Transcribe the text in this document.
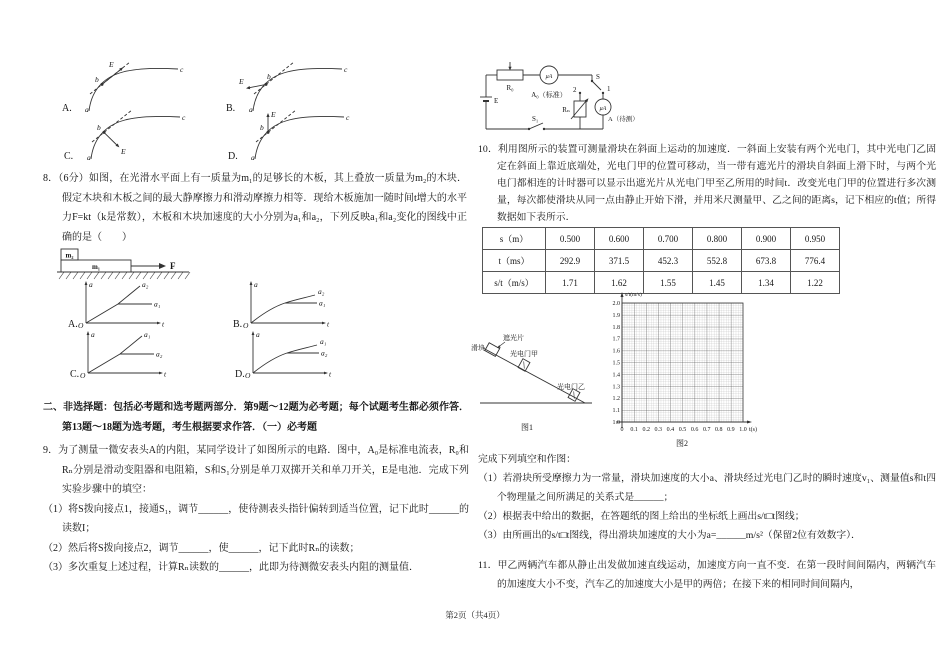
E
a
b
c
A.
E
a
b
c
B.
E
a
b
c
C.
E
a
b
c
D.

8．（6分）如图，在光滑水平面上有一质量为m₁的足够长的木板，其上叠放一质量为m₂的木块．假定木块和木板之间的最大静摩擦力和滑动摩擦力相等．现给木板施加一随时间t增大的水平力F=kt（k是常数），木板和木块加速度的大小分别为a₁和a₂，下列反映a₁和a₂变化的图线中正确的是（　　）

m₂
m₁	F
A.
a
t
O
a₂
a₁
B.
a
t
O
a₂
a₁
C.
a
t
O
a₁
a₂
D.
a
t
O
a₁
a₂

二、非选择题：包括必考题和选考题两部分．第9题～12题为必考题；每个试题考生都必须作答．第13题～18题为选考题，考生根据要求作答．（一）必考题

9．为了测量一微安表头A的内阻，某同学设计了如图所示的电路．图中，A₀是标准电流表，R₀和Rₙ分别是滑动变阻器和电阻箱，S和S₁分别是单刀双掷开关和单刀开关，E是电池．完成下列实验步骤中的填空：

（1）将S拨向接点1，接通S₁，调节______，使待测表头指针偏转到适当位置，记下此时______的读数I；

（2）然后将S拨向接点2，调节______，使______，记下此时Rₙ的读数；

（3）多次重复上述过程，计算Rₙ读数的______，此即为待测微安表头内阻的测量值．

R₀
μA
A₀（标准）
S
2	1
Rₙ	μA
A（待测）
E
S₁

10．利用图所示的装置可测量滑块在斜面上运动的加速度．一斜面上安装有两个光电门，其中光电门乙固定在斜面上靠近底端处，光电门甲的位置可移动，当一带有遮光片的滑块自斜面上滑下时，与两个光电门都相连的计时器可以显示出遮光片从光电门甲至乙所用的时间t．改变光电门甲的位置进行多次测量，每次都使滑块从同一点由静止开始下滑，并用米尺测量甲、乙之间的距离s，记下相应的t值；所得数据如下表所示．

s（m）	0.500	0.600	0.700	0.800	0.900	0.950
t（ms）	292.9	371.5	452.3	552.8	673.8	776.4
s/t（m/s）	1.71	1.62	1.55	1.45	1.34	1.22
遮光片
滑块
光电门甲
光电门乙
图1
s/t(m/s)
2.0
1.9
1.8
1.7
1.6
1.5
1.4
1.3
1.2
1.1
1.0
0 0.1 0.2 0.3 0.4 0.5 0.6 0.7 0.8 0.9 1.0 t(s)
图2

完成下列填空和作图：

（1）若滑块所受摩擦力为一常量，滑块加速度的大小a、滑块经过光电门乙时的瞬时速度v₁、测量值s和t四个物理量之间所满足的关系式是______；

（2）根据表中给出的数据，在答题纸的图上给出的坐标纸上画出s/t□t图线；

（3）由所画出的s/t□t图线，得出滑块加速度的大小为a=______m/s²（保留2位有效数字）．

11．甲乙两辆汽车都从静止出发做加速直线运动，加速度方向一直不变．在第一段时间间隔内，两辆汽车的加速度大小不变，汽车乙的加速度大小是甲的两倍；在接下来的相同时间间隔内，

第2页（共4页）
